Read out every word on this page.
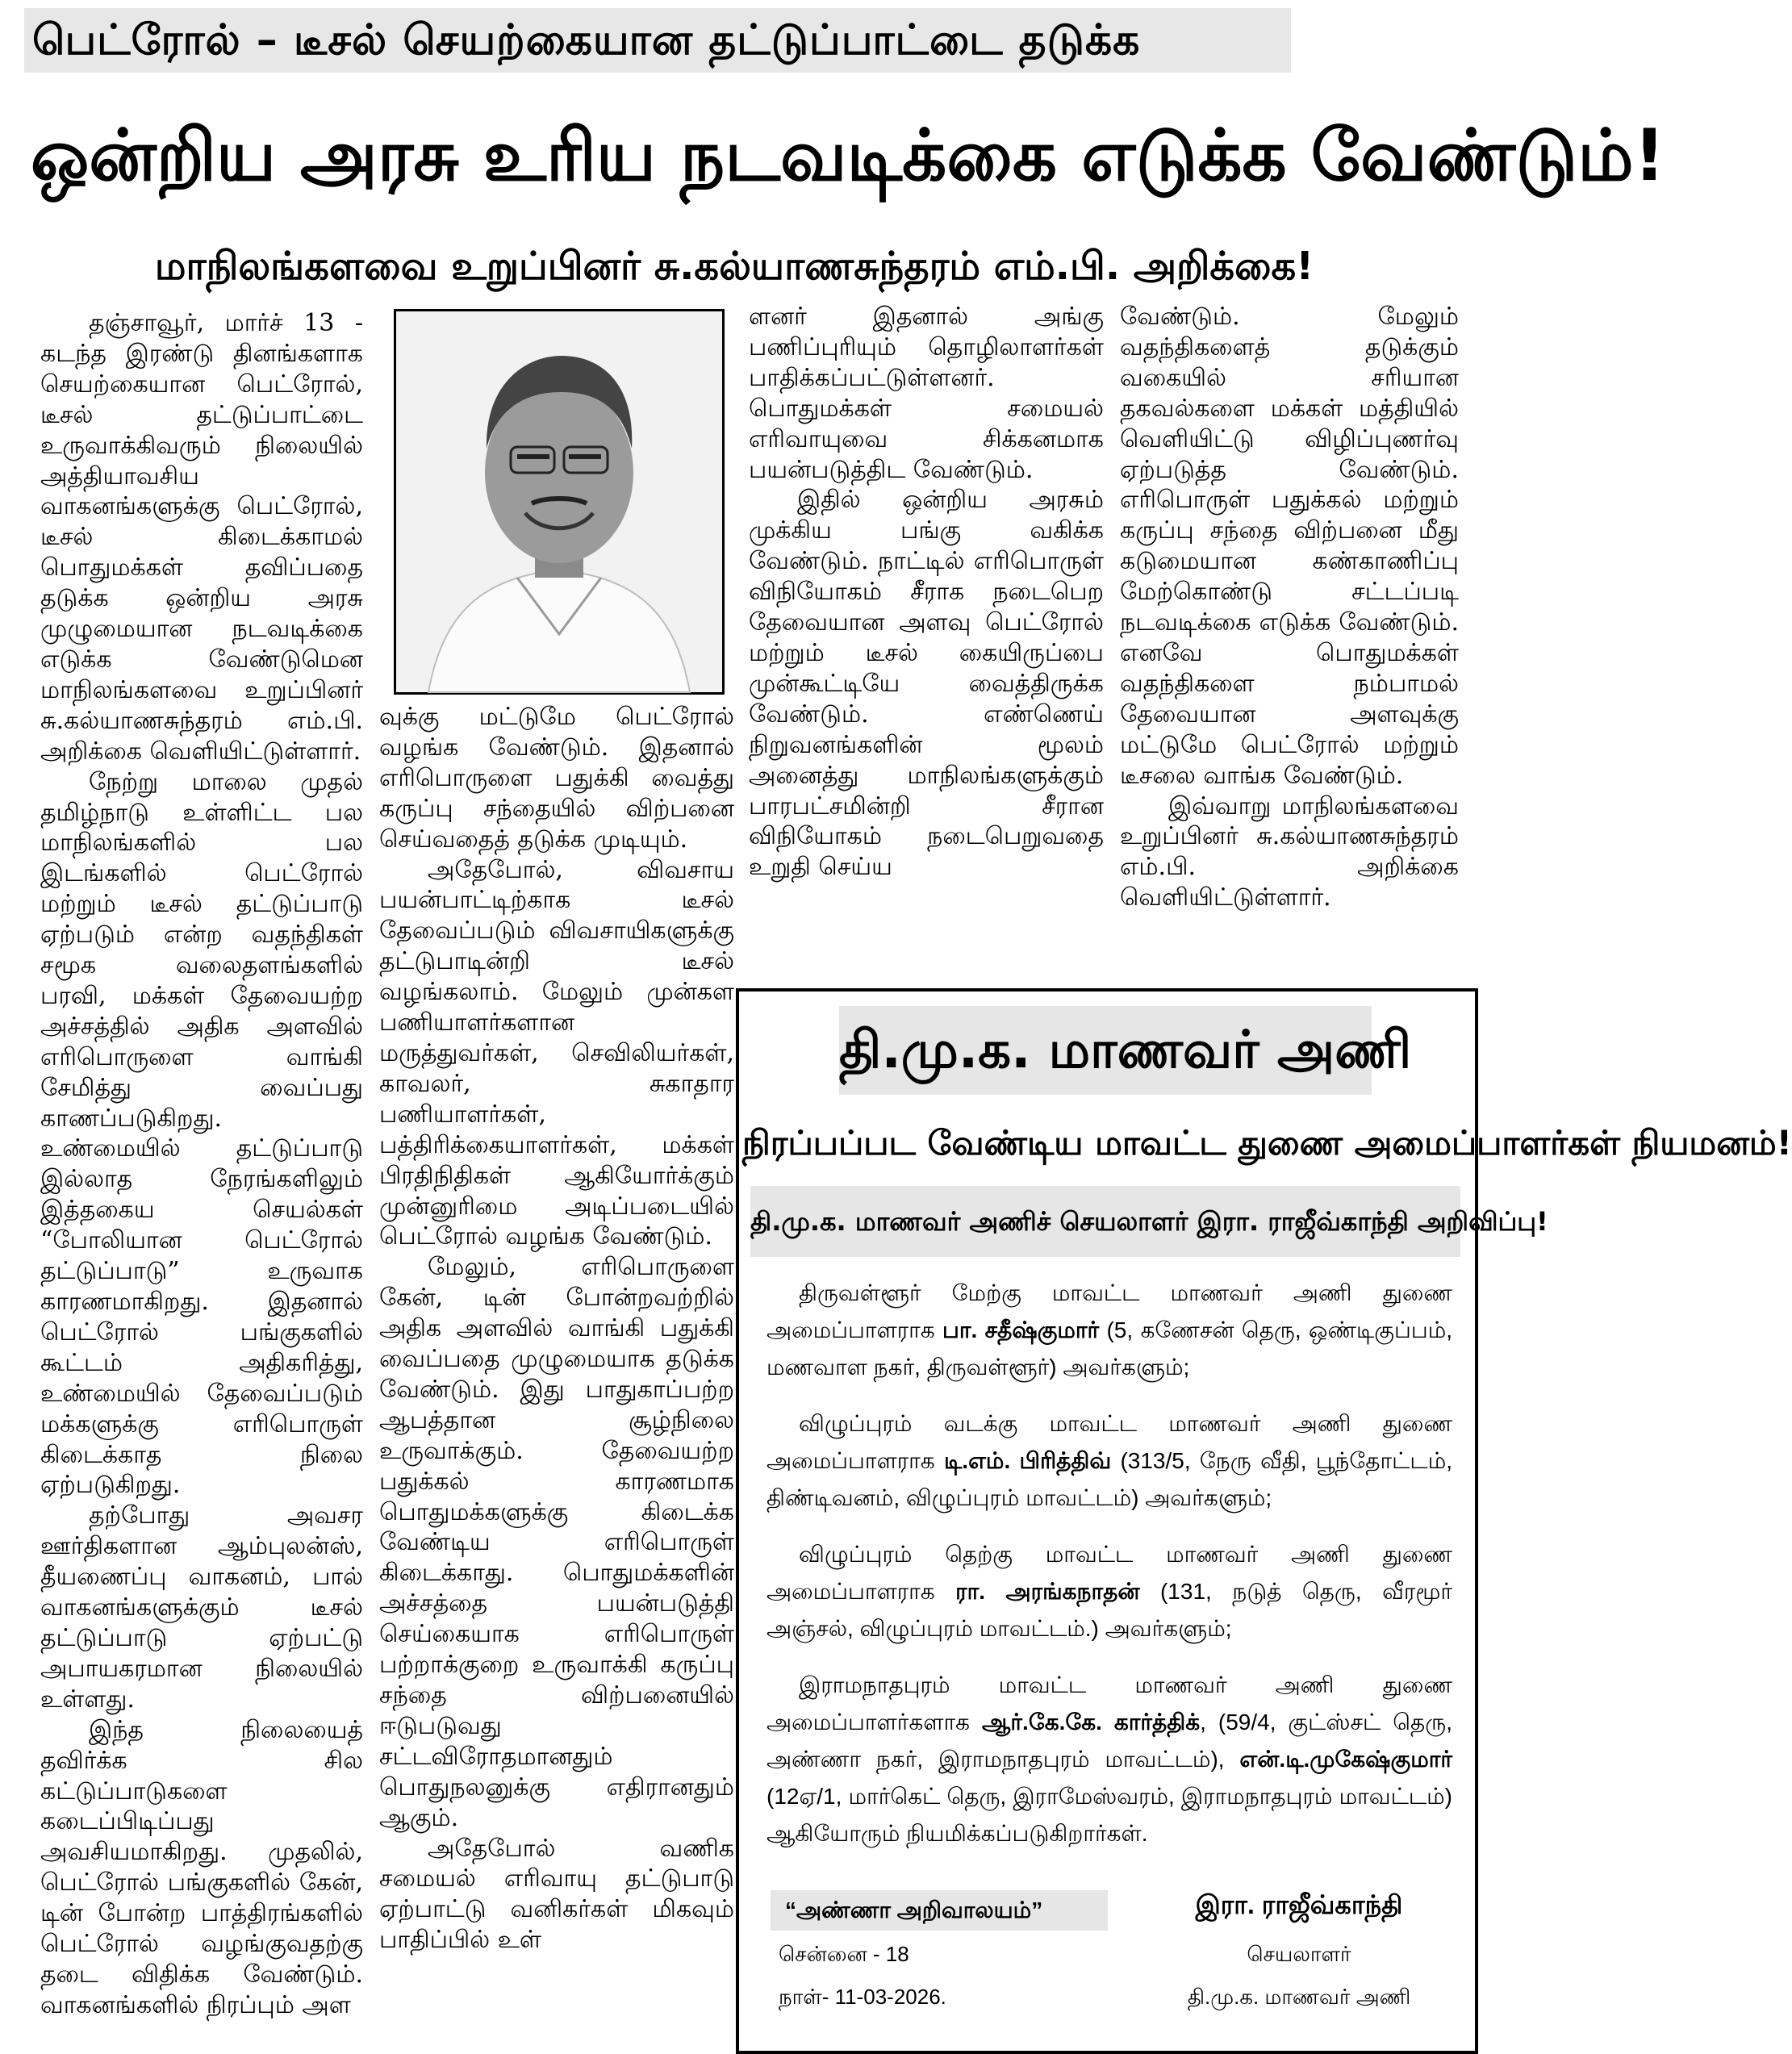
பெட்ரோல் – டீசல் செயற்கையான தட்டுப்பாட்டை தடுக்க
ஒன்றிய அரசு உரிய நடவடிக்கை எடுக்க வேண்டும்!
மாநிலங்களவை உறுப்பினர் சு.கல்யாணசுந்தரம் எம்.பி. அறிக்கை!

தஞ்சாவூர், மார்ச் 13 - கடந்த இரண்டு தினங்களாக செயற்கையான பெட்ரோல், டீசல் தட்டுப்பாட்டை உருவாக்கிவரும் நிலையில் அத்தியாவசிய வாகனங்களுக்கு பெட்ரோல், டீசல் கிடைக்காமல் பொதுமக்கள் தவிப்பதை தடுக்க ஒன்றிய அரசு முழுமையான நடவடிக்கை எடுக்க வேண்டுமென மாநிலங்களவை உறுப்பினர் சு.கல்யாணசுந்தரம் எம்.பி. அறிக்கை வெளியிட்டுள்ளார்.

நேற்று மாலை முதல் தமிழ்நாடு உள்ளிட்ட பல மாநிலங்களில் பல இடங்களில் பெட்ரோல் மற்றும் டீசல் தட்டுப்பாடு ஏற்படும் என்ற வதந்திகள் சமூக வலைதளங்களில் பரவி, மக்கள் தேவையற்ற அச்சத்தில் அதிக அளவில் எரிபொருளை வாங்கி சேமித்து வைப்பது காணப்படுகிறது. உண்மையில் தட்டுப்பாடு இல்லாத நேரங்களிலும் இத்தகைய செயல்கள் “போலியான பெட்ரோல் தட்டுப்பாடு” உருவாக காரணமாகிறது. இதனால் பெட்ரோல் பங்குகளில் கூட்டம் அதிகரித்து, உண்மையில் தேவைப்படும் மக்களுக்கு எரிபொருள் கிடைக்காத நிலை ஏற்படுகிறது.

தற்போது அவசர ஊர்திகளான ஆம்புலன்ஸ், தீயணைப்பு வாகனம், பால் வாகனங்களுக்கும் டீசல் தட்டுப்பாடு ஏற்பட்டு அபாயகரமான நிலையில் உள்ளது.

இந்த நிலையைத் தவிர்க்க சில கட்டுப்பாடுகளை கடைப்பிடிப்பது அவசியமாகிறது. முதலில், பெட்ரோல் பங்குகளில் கேன், டின் போன்ற பாத்திரங்களில் பெட்ரோல் வழங்குவதற்கு தடை விதிக்க வேண்டும். வாகனங்களில் நிரப்பும் அள

வுக்கு மட்டுமே பெட்ரோல் வழங்க வேண்டும். இதனால் எரிபொருளை பதுக்கி வைத்து கருப்பு சந்தையில் விற்பனை செய்வதைத் தடுக்க முடியும்.

அதேபோல், விவசாய பயன்பாட்டிற்காக டீசல் தேவைப்படும் விவசாயிகளுக்கு தட்டுபாடின்றி டீசல் வழங்கலாம். மேலும் முன்கள பணியாளர்களான மருத்துவர்கள், செவிலியர்கள், காவலர், சுகாதார பணியாளர்கள், பத்திரிக்கையாளர்கள், மக்கள் பிரதிநிதிகள் ஆகியோர்க்கும் முன்னுரிமை அடிப்படையில் பெட்ரோல் வழங்க வேண்டும்.

மேலும், எரிபொருளை கேன், டின் போன்றவற்றில் அதிக அளவில் வாங்கி பதுக்கி வைப்பதை முழுமையாக தடுக்க வேண்டும். இது பாதுகாப்பற்ற ஆபத்தான சூழ்நிலை உருவாக்கும். தேவையற்ற பதுக்கல் காரணமாக பொதுமக்களுக்கு கிடைக்க வேண்டிய எரிபொருள் கிடைக்காது. பொதுமக்களின் அச்சத்தை பயன்படுத்தி செய்கையாக எரிபொருள் பற்றாக்குறை உருவாக்கி கருப்பு சந்தை விற்பனையில் ஈடுபடுவது சட்டவிரோதமானதும் பொதுநலனுக்கு எதிரானதும் ஆகும்.

அதேபோல் வணிக சமையல் எரிவாயு தட்டுபாடு ஏற்பாட்டு வனிகர்கள் மிகவும் பாதிப்பில் உள்

ளனர் இதனால் அங்கு பணிப்புரியும் தொழிலாளர்கள் பாதிக்கப்பட்டுள்ளனர். பொதுமக்கள் சமையல் எரிவாயுவை சிக்கனமாக பயன்படுத்திட வேண்டும்.

இதில் ஒன்றிய அரசும் முக்கிய பங்கு வகிக்க வேண்டும். நாட்டில் எரிபொருள் விநியோகம் சீராக நடைபெற தேவையான அளவு பெட்ரோல் மற்றும் டீசல் கையிருப்பை முன்கூட்டியே வைத்திருக்க வேண்டும். எண்ணெய் நிறுவனங்களின் மூலம் அனைத்து மாநிலங்களுக்கும் பாரபட்சமின்றி சீரான விநியோகம் நடைபெறுவதை உறுதி செய்ய

வேண்டும். மேலும் வதந்திகளைத் தடுக்கும் வகையில் சரியான தகவல்களை மக்கள் மத்தியில் வெளியிட்டு விழிப்புணர்வு ஏற்படுத்த வேண்டும். எரிபொருள் பதுக்கல் மற்றும் கருப்பு சந்தை விற்பனை மீது கடுமையான கண்காணிப்பு மேற்கொண்டு சட்டப்படி நடவடிக்கை எடுக்க வேண்டும். எனவே பொதுமக்கள் வதந்திகளை நம்பாமல் தேவையான அளவுக்கு மட்டுமே பெட்ரோல் மற்றும் டீசலை வாங்க வேண்டும்.

இவ்வாறு மாநிலங்களவை உறுப்பினர் சு.கல்யாணசுந்தரம் எம்.பி. அறிக்கை வெளியிட்டுள்ளார்.

தி.மு.க. மாணவர் அணி
நிரப்பப்பட வேண்டிய மாவட்ட துணை அமைப்பாளர்கள் நியமனம்!
தி.மு.க. மாணவர் அணிச் செயலாளர் இரா. ராஜீவ்காந்தி அறிவிப்பு!

திருவள்ளூர் மேற்கு மாவட்ட மாணவர் அணி துணை அமைப்பாளராக பா. சதீஷ்குமார் (5, கணேசன் தெரு, ஒண்டிகுப்பம், மணவாள நகர், திருவள்ளூர்) அவர்களும்;

விழுப்புரம் வடக்கு மாவட்ட மாணவர் அணி துணை அமைப்பாளராக டி.எம். பிரித்திவ் (313/5, நேரு வீதி, பூந்தோட்டம், திண்டிவனம், விழுப்புரம் மாவட்டம்) அவர்களும்;

விழுப்புரம் தெற்கு மாவட்ட மாணவர் அணி துணை அமைப்பாளராக ரா. அரங்கநாதன் (131, நடுத் தெரு, வீரமூர் அஞ்சல், விழுப்புரம் மாவட்டம்.) அவர்களும்;

இராமநாதபுரம் மாவட்ட மாணவர் அணி துணை அமைப்பாளர்களாக ஆர்.கே.கே. கார்த்திக், (59/4, குட்ஸ்சட் தெரு, அண்ணா நகர், இராமநாதபுரம் மாவட்டம்), என்.டி.முகேஷ்குமார் (12ஏ/1, மார்கெட் தெரு, இராமேஸ்வரம், இராமநாதபுரம் மாவட்டம்) ஆகியோரும் நியமிக்கப்படுகிறார்கள்.

“அண்ணா அறிவாலயம்”
சென்னை - 18
நாள்- 11-03-2026.
இரா. ராஜீவ்காந்தி
செயலாளர்
தி.மு.க. மாணவர் அணி
